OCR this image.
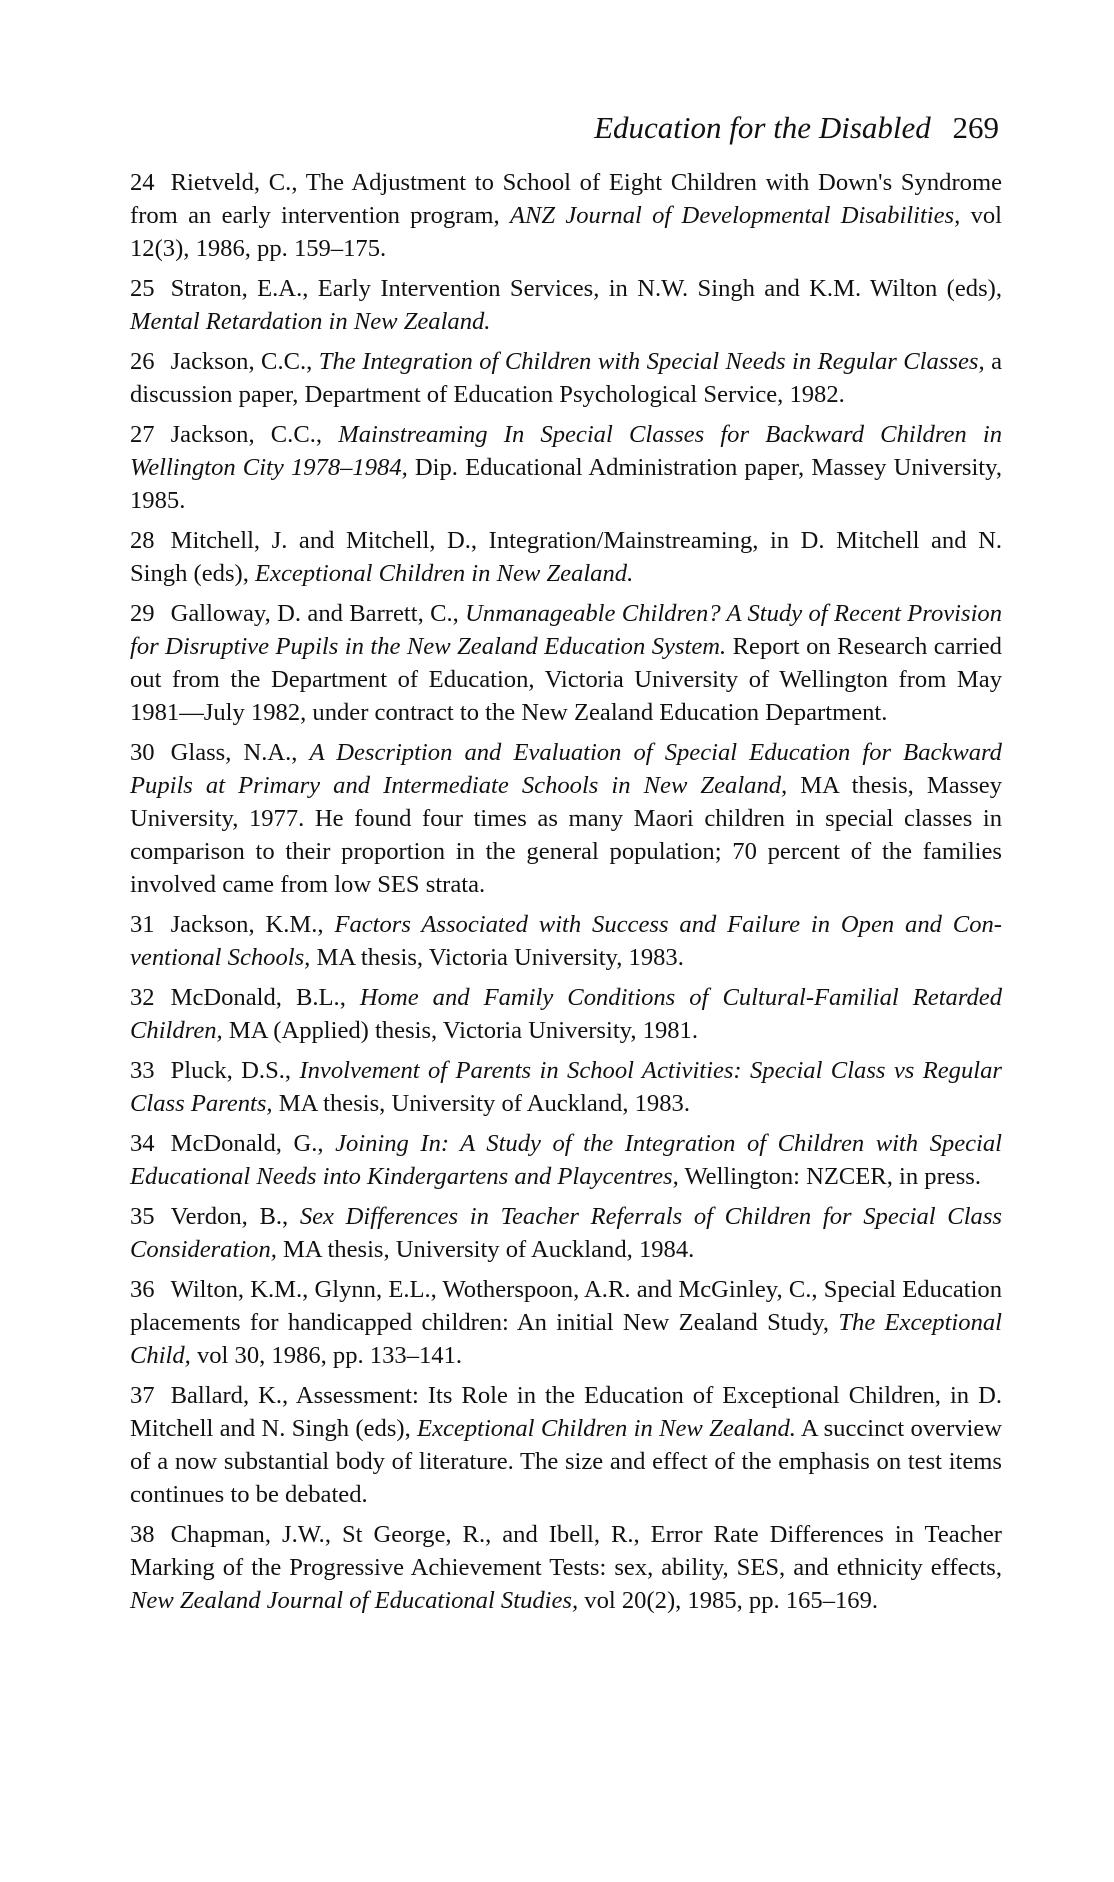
Education for the Disabled 269

24 Rietveld, C., The Adjustment to School of Eight Children with Down's Syndrome from an early intervention program, ANZ Journal of Developmental Disabilities, vol 12(3), 1986, pp. 159–175.

25 Straton, E.A., Early Intervention Services, in N.W. Singh and K.M. Wilton (eds), Mental Retardation in New Zealand.

26 Jackson, C.C., The Integration of Children with Special Needs in Regular Classes, a discussion paper, Department of Education Psychological Service, 1982.

27 Jackson, C.C., Mainstreaming In Special Classes for Backward Children in Wellington City 1978–1984, Dip. Educational Administration paper, Massey University, 1985.

28 Mitchell, J. and Mitchell, D., Integration/Mainstreaming, in D. Mitchell and N. Singh (eds), Exceptional Children in New Zealand.

29 Galloway, D. and Barrett, C., Unmanageable Children? A Study of Recent Provision for Disruptive Pupils in the New Zealand Education System. Report on Research carried out from the Department of Education, Victoria University of Wellington from May 1981—July 1982, under contract to the New Zealand Education Department.

30 Glass, N.A., A Description and Evaluation of Special Education for Backward Pupils at Primary and Intermediate Schools in New Zealand, MA thesis, Massey University, 1977. He found four times as many Maori children in special classes in comparison to their proportion in the general population; 70 percent of the families involved came from low SES strata.

31 Jackson, K.M., Factors Associated with Success and Failure in Open and Conventional Schools, MA thesis, Victoria University, 1983.

32 McDonald, B.L., Home and Family Conditions of Cultural-Familial Retarded Children, MA (Applied) thesis, Victoria University, 1981.

33 Pluck, D.S., Involvement of Parents in School Activities: Special Class vs Regular Class Parents, MA thesis, University of Auckland, 1983.

34 McDonald, G., Joining In: A Study of the Integration of Children with Special Educational Needs into Kindergartens and Playcentres, Wellington: NZCER, in press.

35 Verdon, B., Sex Differences in Teacher Referrals of Children for Special Class Consideration, MA thesis, University of Auckland, 1984.

36 Wilton, K.M., Glynn, E.L., Wotherspoon, A.R. and McGinley, C., Special Education placements for handicapped children: An initial New Zealand Study, The Exceptional Child, vol 30, 1986, pp. 133–141.

37 Ballard, K., Assessment: Its Role in the Education of Exceptional Children, in D. Mitchell and N. Singh (eds), Exceptional Children in New Zealand. A succinct overview of a now substantial body of literature. The size and effect of the emphasis on test items continues to be debated.

38 Chapman, J.W., St George, R., and Ibell, R., Error Rate Differences in Teacher Marking of the Progressive Achievement Tests: sex, ability, SES, and ethnicity effects, New Zealand Journal of Educational Studies, vol 20(2), 1985, pp. 165–169.
